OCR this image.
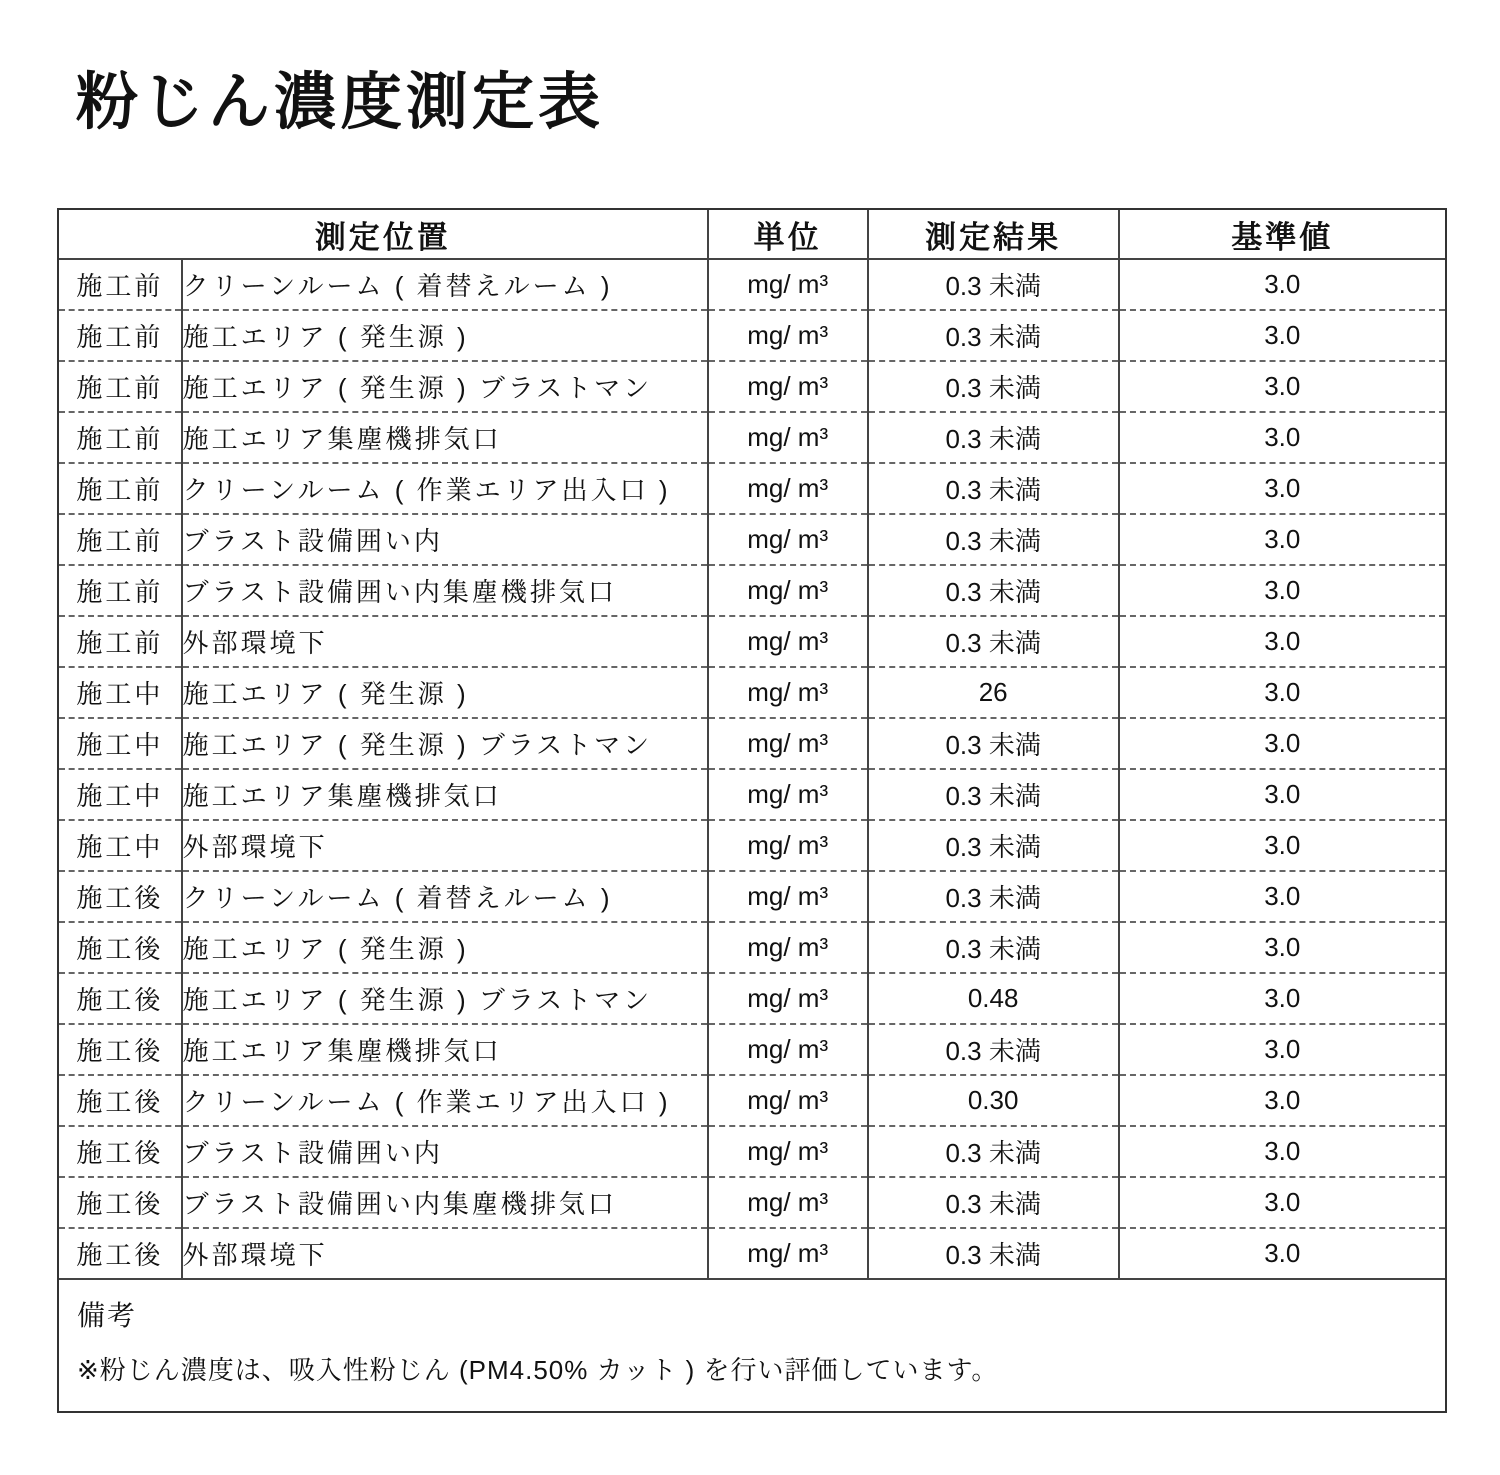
粉じん濃度測定表
測定位置		単位	測定結果	基準値
施工前	クリーンルーム ( 着替えルーム )	mg/ m³	0.3 未満	3.0
施工前	施工エリア ( 発生源 )	mg/ m³	0.3 未満	3.0
施工前	施工エリア ( 発生源 ) ブラストマン	mg/ m³	0.3 未満	3.0
施工前	施工エリア集塵機排気口	mg/ m³	0.3 未満	3.0
施工前	クリーンルーム ( 作業エリア出入口 )	mg/ m³	0.3 未満	3.0
施工前	ブラスト設備囲い内	mg/ m³	0.3 未満	3.0
施工前	ブラスト設備囲い内集塵機排気口	mg/ m³	0.3 未満	3.0
施工前	外部環境下	mg/ m³	0.3 未満	3.0
施工中	施工エリア ( 発生源 )	mg/ m³	26	3.0
施工中	施工エリア ( 発生源 ) ブラストマン	mg/ m³	0.3 未満	3.0
施工中	施工エリア集塵機排気口	mg/ m³	0.3 未満	3.0
施工中	外部環境下	mg/ m³	0.3 未満	3.0
施工後	クリーンルーム ( 着替えルーム )	mg/ m³	0.3 未満	3.0
施工後	施工エリア ( 発生源 )	mg/ m³	0.3 未満	3.0
施工後	施工エリア ( 発生源 ) ブラストマン	mg/ m³	0.48	3.0
施工後	施工エリア集塵機排気口	mg/ m³	0.3 未満	3.0
施工後	クリーンルーム ( 作業エリア出入口 )	mg/ m³	0.30	3.0
施工後	ブラスト設備囲い内	mg/ m³	0.3 未満	3.0
施工後	ブラスト設備囲い内集塵機排気口	mg/ m³	0.3 未満	3.0
施工後	外部環境下	mg/ m³	0.3 未満	3.0
備考
※粉じん濃度は、吸入性粉じん (PM4.50% カット ) を行い評価しています。
